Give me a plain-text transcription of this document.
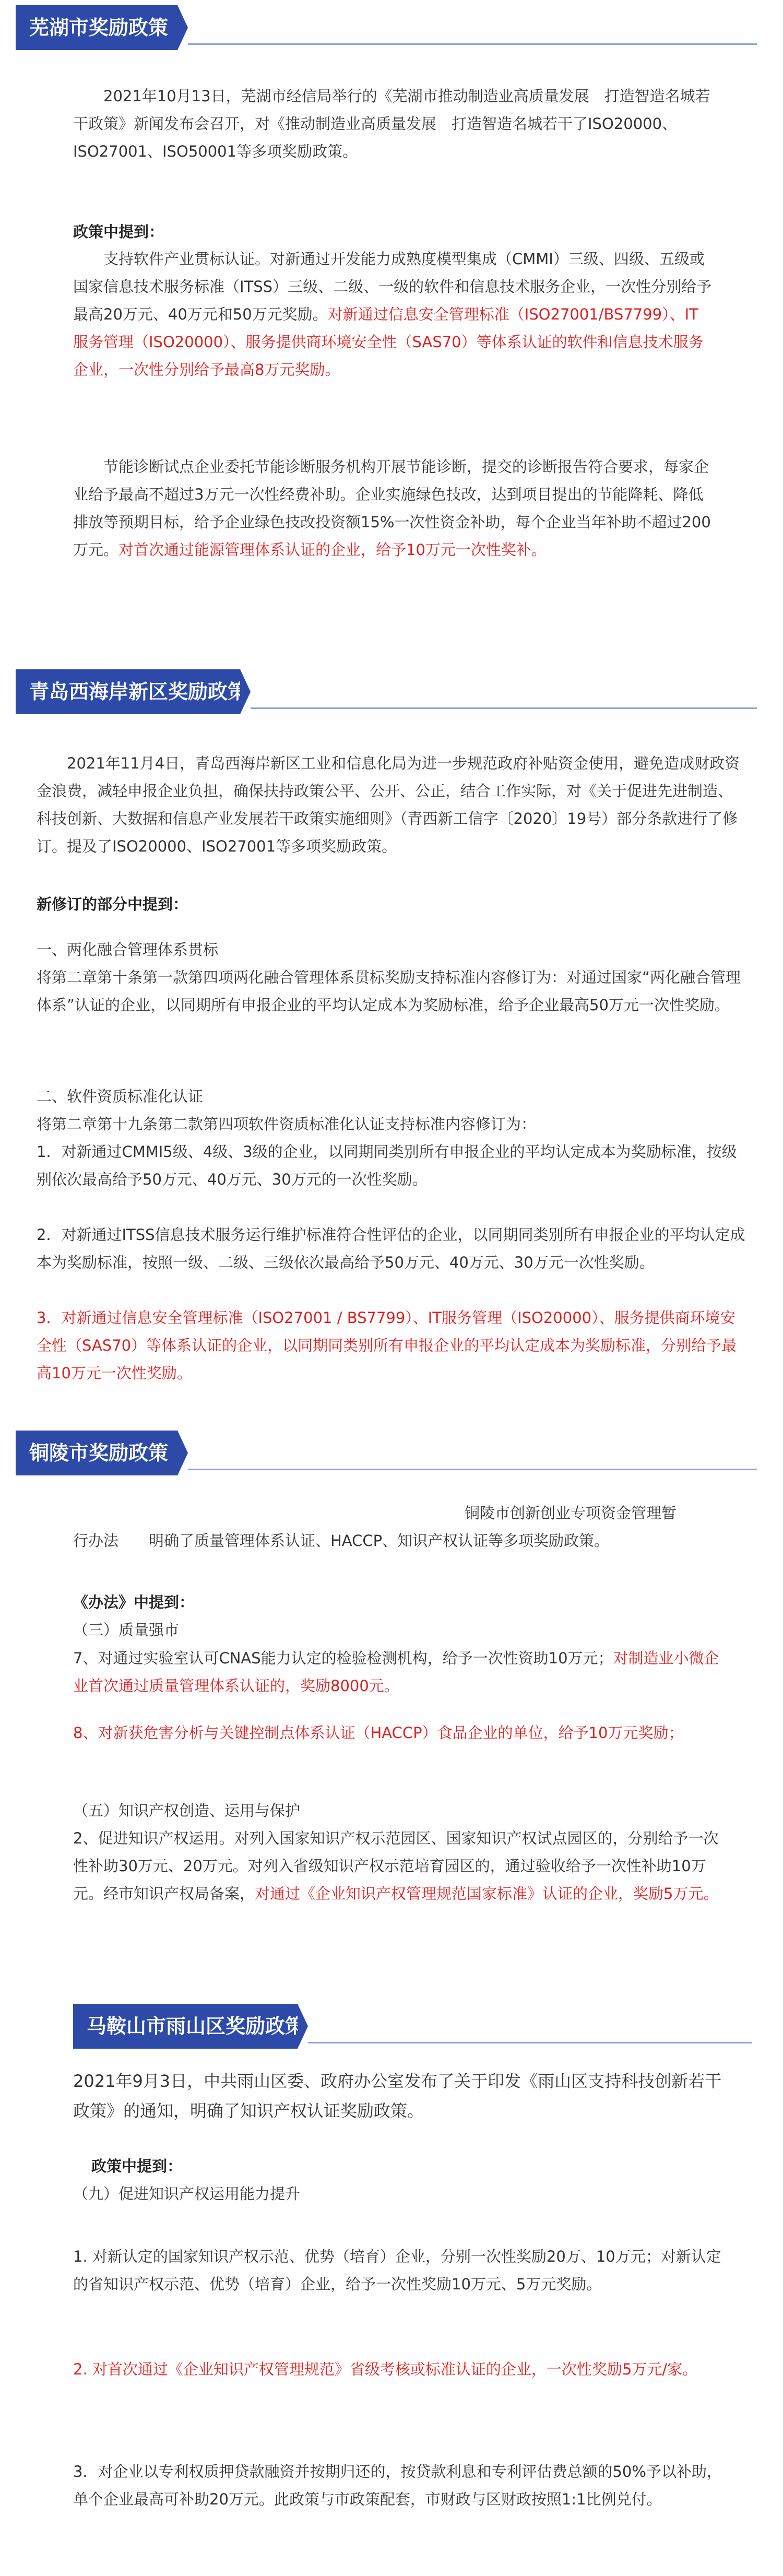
芜湖市奖励政策

2021年10月13日，芜湖市经信局举行的《芜湖市推动制造业高质量发展　打造智造名城若干政策》新闻发布会召开，对《推动制造业高质量发展　打造智造名城若干了ISO20000、ISO27001、ISO50001等多项奖励政策。

政策中提到：

支持软件产业贯标认证。对新通过开发能力成熟度模型集成（CMMI）三级、四级、五级或国家信息技术服务标准（ITSS）三级、二级、一级的软件和信息技术服务企业，一次性分别给予最高20万元、40万元和50万元奖励。对新通过信息安全管理标准（ISO27001/BS7799）、IT 服务管理（ISO20000）、服务提供商环境安全性（SAS70）等体系认证的软件和信息技术服务企业，一次性分别给予最高8万元奖励。

节能诊断试点企业委托节能诊断服务机构开展节能诊断，提交的诊断报告符合要求，每家企业给予最高不超过3万元一次性经费补助。企业实施绿色技改，达到项目提出的节能降耗、降低排放等预期目标，给予企业绿色技改投资额15%一次性资金补助，每个企业当年补助不超过200万元。对首次通过能源管理体系认证的企业，给予10万元一次性奖补。

青岛西海岸新区奖励政策

2021年11月4日，青岛西海岸新区工业和信息化局为进一步规范政府补贴资金使用，避免造成财政资金浪费，减轻申报企业负担，确保扶持政策公平、公开、公正，结合工作实际，对《关于促进先进制造、科技创新、大数据和信息产业发展若干政策实施细则》（青西新工信字〔2020〕19号）部分条款进行了修订。提及了ISO20000、ISO27001等多项奖励政策。

新修订的部分中提到：

一、两化融合管理体系贯标

将第二章第十条第一款第四项两化融合管理体系贯标奖励支持标准内容修订为：对通过国家“两化融合管理体系”认证的企业，以同期所有申报企业的平均认定成本为奖励标准，给予企业最高50万元一次性奖励。

二、软件资质标准化认证

将第二章第十九条第二款第四项软件资质标准化认证支持标准内容修订为：

1．对新通过CMMI5级、4级、3级的企业，以同期同类别所有申报企业的平均认定成本为奖励标准，按级别依次最高给予50万元、40万元、30万元的一次性奖励。

2．对新通过ITSS信息技术服务运行维护标准符合性评估的企业，以同期同类别所有申报企业的平均认定成本为奖励标准，按照一级、二级、三级依次最高给予50万元、40万元、30万元一次性奖励。

3．对新通过信息安全管理标准（ISO27001 / BS7799）、IT服务管理（ISO20000）、服务提供商环境安全性（SAS70）等体系认证的企业，以同期同类别所有申报企业的平均认定成本为奖励标准，分别给予最高10万元一次性奖励。

铜陵市奖励政策

铜陵市创新创业专项资金管理暂

行办法　　明确了质量管理体系认证、HACCP、知识产权认证等多项奖励政策。

《办法》中提到：

（三）质量强市

7、对通过实验室认可CNAS能力认定的检验检测机构，给予一次性资助10万元；对制造业小微企业首次通过质量管理体系认证的，奖励8000元。

8、对新获危害分析与关键控制点体系认证（HACCP）食品企业的单位，给予10万元奖励；

（五）知识产权创造、运用与保护

2、促进知识产权运用。对列入国家知识产权示范园区、国家知识产权试点园区的，分别给予一次性补助30万元、20万元。对列入省级知识产权示范培育园区的，通过验收给予一次性补助10万元。经市知识产权局备案，对通过《企业知识产权管理规范国家标准》认证的企业，奖励5万元。

马鞍山市雨山区奖励政策

2021年9月3日，中共雨山区委、政府办公室发布了关于印发《雨山区支持科技创新若干政策》的通知，明确了知识产权认证奖励政策。

政策中提到：

（九）促进知识产权运用能力提升

1. 对新认定的国家知识产权示范、优势（培育）企业，分别一次性奖励20万、10万元；对新认定的省知识产权示范、优势（培育）企业，给予一次性奖励10万元、5万元奖励。

2. 对首次通过《企业知识产权管理规范》省级考核或标准认证的企业，一次性奖励5万元/家。

3．对企业以专利权质押贷款融资并按期归还的，按贷款利息和专利评估费总额的50%予以补助，单个企业最高可补助20万元。此政策与市政策配套，市财政与区财政按照1:1比例兑付。
